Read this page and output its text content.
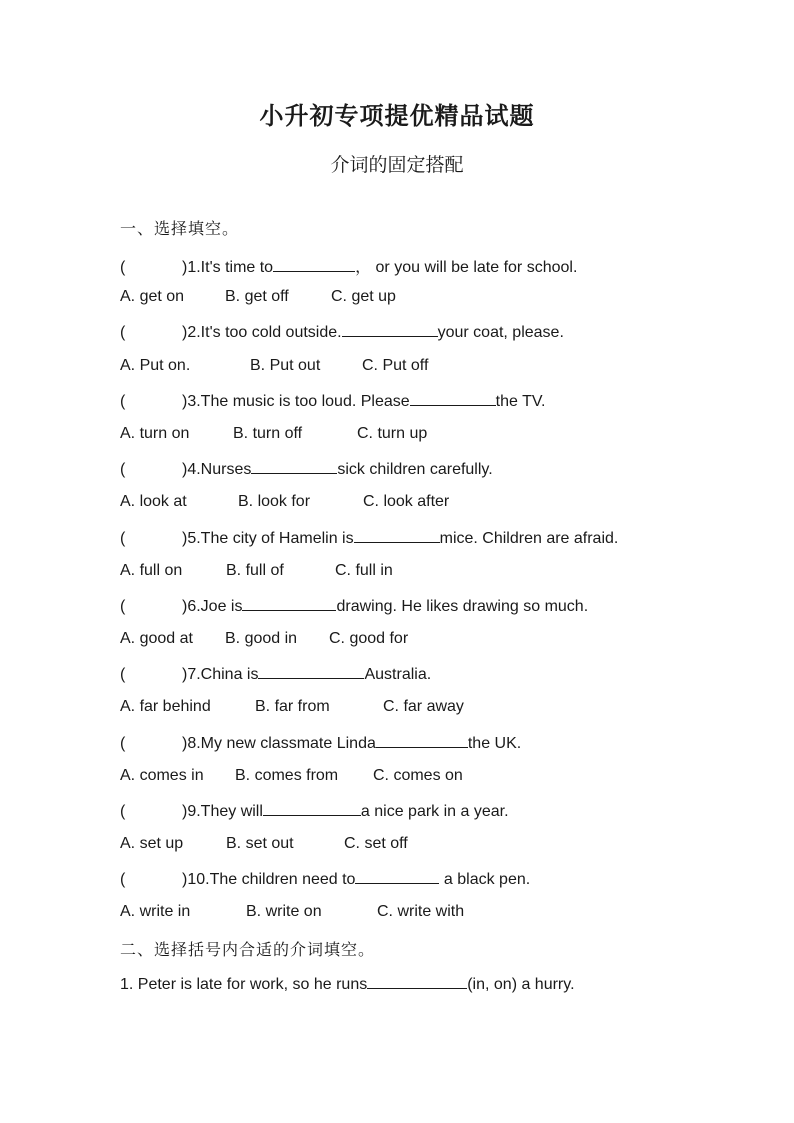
小升初专项提优精品试题
介词的固定搭配
一、选择填空。
(	)1.It's time to	， or you will be late for school.
A. get on	B. get off	C. get up
(	)2.It's too cold outside.	your coat, please.
A. Put on.	B. Put out	C. Put off
(	)3.The music is too loud. Please	the TV.
A. turn on	B. turn off	C. turn up
(	)4.Nurses	sick children carefully.
A. look at	B. look for	C. look after
(	)5.The city of Hamelin is	mice. Children are afraid.
A. full on	B. full of	C. full in
(	)6.Joe is	drawing. He likes drawing so much.
A. good at B. good in C. good for
(	)7.China is	Australia.
A. far behind	B. far from	C. far away
(	)8.My new classmate Linda	the UK.
A. comes in B. comes from C. comes on
(	)9.They will	a nice park in a year.
A. set up	B. set out	C. set off
(	)10.The children need to	a black pen.
A. write in	B. write on	C. write with
二、选择括号内合适的介词填空。
1. Peter is late for work, so he runs	(in, on) a hurry.
